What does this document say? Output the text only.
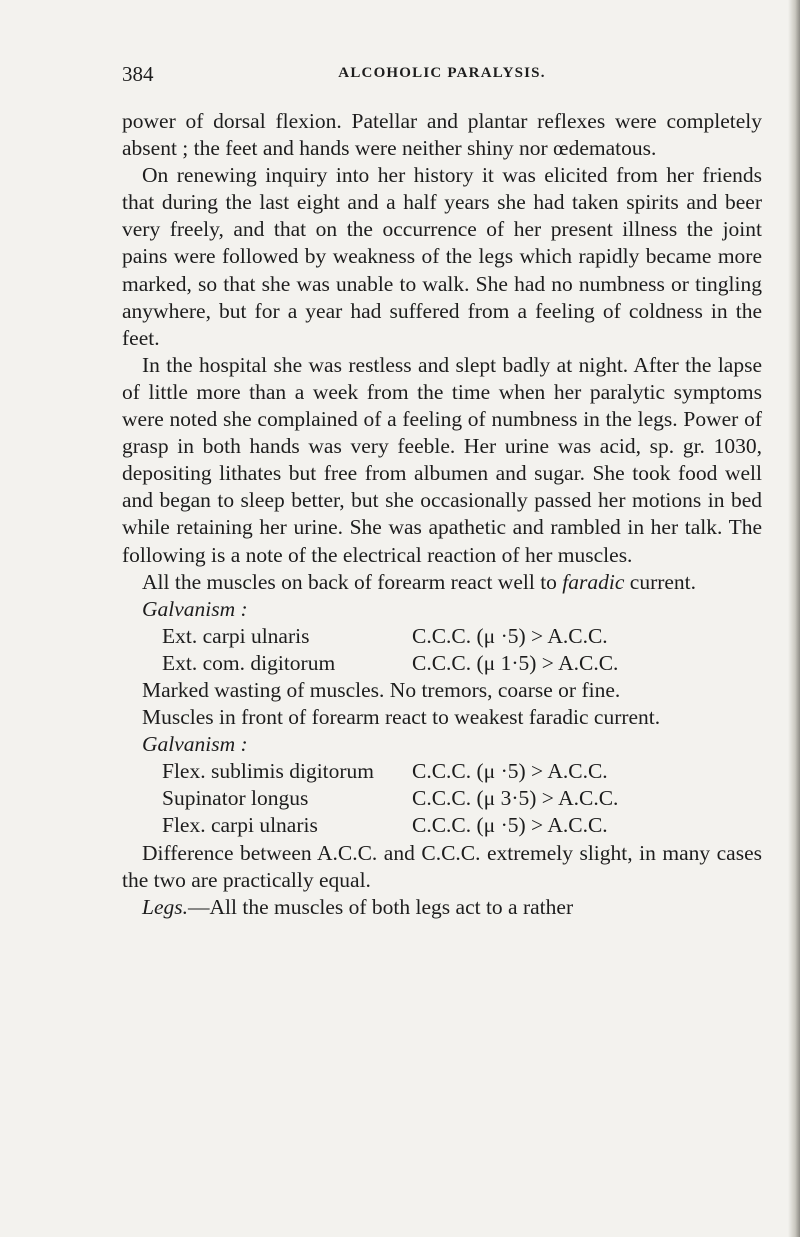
384	ALCOHOLIC PARALYSIS.

power of dorsal flexion. Patellar and plantar reflexes were completely absent ; the feet and hands were neither shiny nor œdematous.

On renewing inquiry into her history it was elicited from her friends that during the last eight and a half years she had taken spirits and beer very freely, and that on the occurrence of her present illness the joint pains were followed by weakness of the legs which rapidly became more marked, so that she was unable to walk. She had no numbness or tingling anywhere, but for a year had suffered from a feeling of coldness in the feet.

In the hospital she was restless and slept badly at night. After the lapse of little more than a week from the time when her paralytic symptoms were noted she complained of a feeling of numbness in the legs. Power of grasp in both hands was very feeble. Her urine was acid, sp. gr. 1030, depositing lithates but free from albumen and sugar. She took food well and began to sleep better, but she occasionally passed her motions in bed while retaining her urine. She was apathetic and rambled in her talk. The following is a note of the electrical reaction of her muscles.

All the muscles on back of forearm react well to faradic current.

Galvanism :

Ext. carpi ulnaris	C.C.C. (μ ·5) > A.C.C.
Ext. com. digitorum	C.C.C. (μ 1·5) > A.C.C.

Marked wasting of muscles. No tremors, coarse or fine.

Muscles in front of forearm react to weakest faradic current.

Galvanism :

Flex. sublimis digitorum	C.C.C. (μ ·5) > A.C.C.
Supinator longus	C.C.C. (μ 3·5) > A.C.C.
Flex. carpi ulnaris	C.C.C. (μ ·5) > A.C.C.

Difference between A.C.C. and C.C.C. extremely slight, in many cases the two are practically equal.

Legs.—All the muscles of both legs act to a rather
